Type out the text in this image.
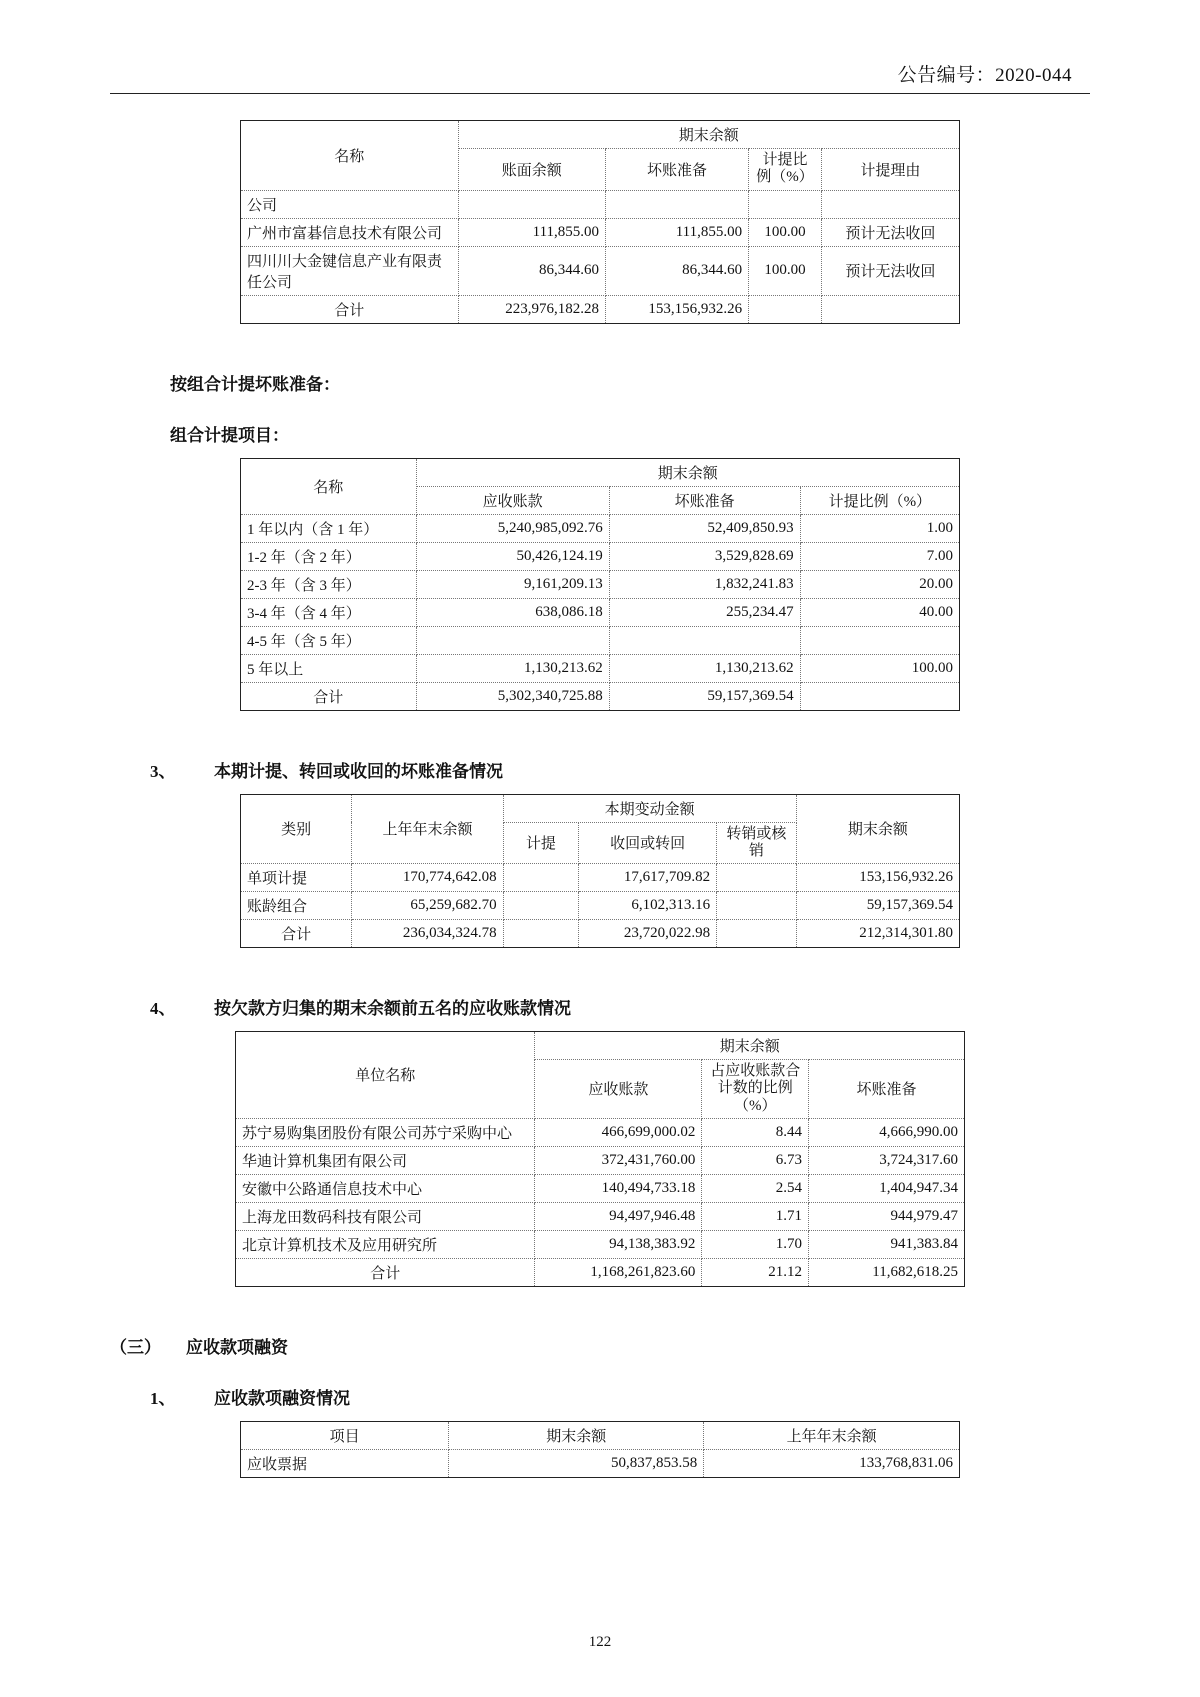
公告编号：2020-044
名称	期末余额			
	账面余额	坏账准备	计提比例（%）	计提理由
公司				
广州市富碁信息技术有限公司	111,855.00	111,855.00	100.00	预计无法收回
四川川大金键信息产业有限责任公司	86,344.60	86,344.60	100.00	预计无法收回
合计	223,976,182.28	153,156,932.26		
按组合计提坏账准备：
组合计提项目：
名称	期末余额		
	应收账款	坏账准备	计提比例（%）
1 年以内（含 1 年）	5,240,985,092.76	52,409,850.93	1.00
1-2 年（含 2 年）	50,426,124.19	3,529,828.69	7.00
2-3 年（含 3 年）	9,161,209.13	1,832,241.83	20.00
3-4 年（含 4 年）	638,086.18	255,234.47	40.00
4-5 年（含 5 年）			
5 年以上	1,130,213.62	1,130,213.62	100.00
合计	5,302,340,725.88	59,157,369.54	
3、	本期计提、转回或收回的坏账准备情况
类别	上年年末余额	本期变动金额			期末余额
		计提	收回或转回	转销或核销	
单项计提	170,774,642.08		17,617,709.82		153,156,932.26
账龄组合	65,259,682.70		6,102,313.16		59,157,369.54
合计	236,034,324.78		23,720,022.98		212,314,301.80
4、	按欠款方归集的期末余额前五名的应收账款情况
单位名称	期末余额		
	应收账款	占应收账款合计数的比例（%）	坏账准备
苏宁易购集团股份有限公司苏宁采购中心	466,699,000.02	8.44	4,666,990.00
华迪计算机集团有限公司	372,431,760.00	6.73	3,724,317.60
安徽中公路通信息技术中心	140,494,733.18	2.54	1,404,947.34
上海龙田数码科技有限公司	94,497,946.48	1.71	944,979.47
北京计算机技术及应用研究所	94,138,383.92	1.70	941,383.84
合计	1,168,261,823.60	21.12	11,682,618.25
（三）	应收款项融资
1、	应收款项融资情况
项目	期末余额	上年年末余额
应收票据	50,837,853.58	133,768,831.06
122
